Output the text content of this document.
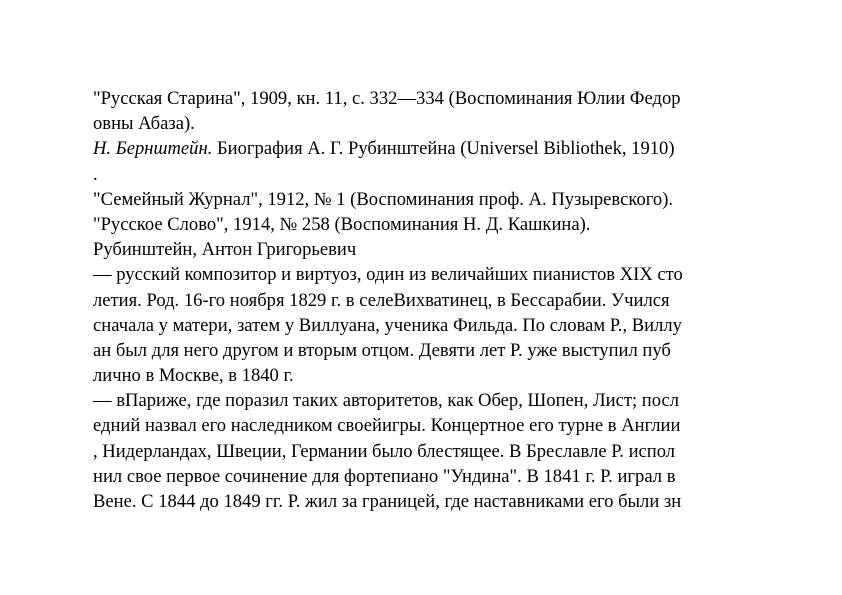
"Русская Старина", 1909, кн. 11, с. 332—334 (Воспоминания Юлии Федор
овны Абаза).
Н. Бернштейн. Биография А. Г. Рубинштейна (Universel Bibliothek, 1910)
.
"Семейный Журнал", 1912, № 1 (Воспоминания проф. А. Пузыревского).
"Русское Слово", 1914, № 258 (Воспоминания Н. Д. Кашкина).
Рубинштейн, Антон Григорьевич
— русский композитор и виртуоз, один из величайших пианистов XIX сто
летия. Род. 16-го ноября 1829 г. в селеВихватинец, в Бессарабии. Учился
сначала у матери, затем у Виллуана, ученика Фильда. По словам Р., Виллу
ан был для него другом и вторым отцом. Девяти лет Р. уже выступил пуб
лично в Москве, в 1840 г.
— вПариже, где поразил таких авторитетов, как Обер, Шопен, Лист; посл
едний назвал его наследником своейигры. Концертное его турне в Англии
, Нидерландах, Швеции, Германии было блестящее. В Бреславле Р. испол
нил свое первое сочинение для фортепиано "Ундина". В 1841 г. Р. играл в
Вене. С 1844 до 1849 гг. Р. жил за границей, где наставниками его были зн
